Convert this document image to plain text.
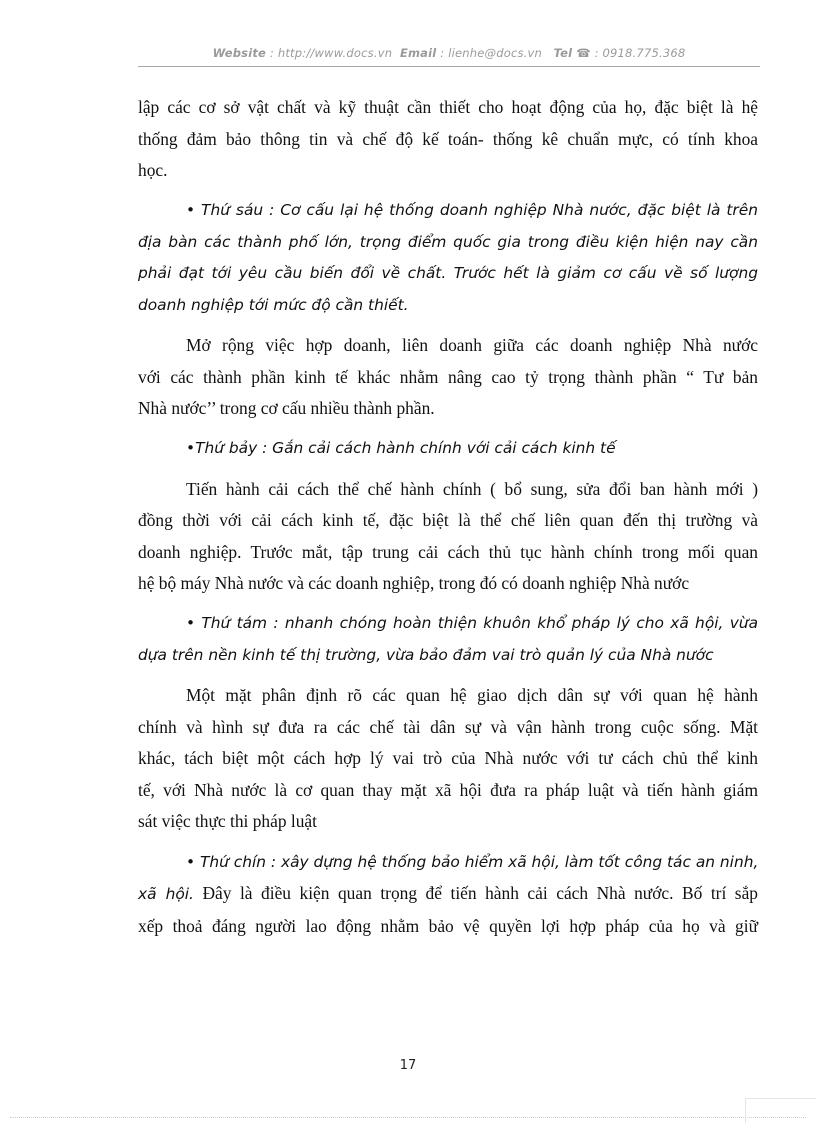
Website : http://www.docs.vn Email : lienhe@docs.vn Tel ☎ : 0918.775.368
lập các cơ sở vật chất và kỹ thuật cần thiết cho hoạt động của họ, đặc biệt là hệ
thống đảm bảo thông tin và chế độ kế toán- thống kê chuẩn mực, có tính khoa
học.
• Thứ sáu : Cơ cấu lại hệ thống doanh nghiệp Nhà nước, đặc biệt là trên
địa bàn các thành phố lớn, trọng điểm quốc gia trong điều kiện hiện nay cần
phải đạt tới yêu cầu biến đổi về chất. Trước hết là giảm cơ cấu về số lượng
doanh nghiệp tới mức độ cần thiết.
Mở rộng việc hợp doanh, liên doanh giữa các doanh nghiệp Nhà nước
với các thành phần kinh tế khác nhằm nâng cao tỷ trọng thành phần “ Tư bản
Nhà nước’’ trong cơ cấu nhiều thành phần.
•Thứ bảy : Gắn cải cách hành chính với cải cách kinh tế
Tiến hành cải cách thể chế hành chính ( bổ sung, sửa đổi ban hành mới )
đồng thời với cải cách kinh tế, đặc biệt là thể chế liên quan đến thị trường và
doanh nghiệp. Trước mắt, tập trung cải cách thủ tục hành chính trong mối quan
hệ bộ máy Nhà nước và các doanh nghiệp, trong đó có doanh nghiệp Nhà nước
• Thứ tám : nhanh chóng hoàn thiện khuôn khổ pháp lý cho xã hội, vừa
dựa trên nền kinh tế thị trường, vừa bảo đảm vai trò quản lý của Nhà nước
Một mặt phân định rõ các quan hệ giao dịch dân sự với quan hệ hành
chính và hình sự đưa ra các chế tài dân sự và vận hành trong cuộc sống. Mặt
khác, tách biệt một cách hợp lý vai trò của Nhà nước với tư cách chủ thể kinh
tế, với Nhà nước là cơ quan thay mặt xã hội đưa ra pháp luật và tiến hành giám
sát việc thực thi pháp luật
• Thứ chín : xây dựng hệ thống bảo hiểm xã hội, làm tốt công tác an ninh,
xã hội. Đây là điều kiện quan trọng để tiến hành cải cách Nhà nước. Bố trí sắp
xếp thoả đáng người lao động nhằm bảo vệ quyền lợi hợp pháp của họ và giữ
17
